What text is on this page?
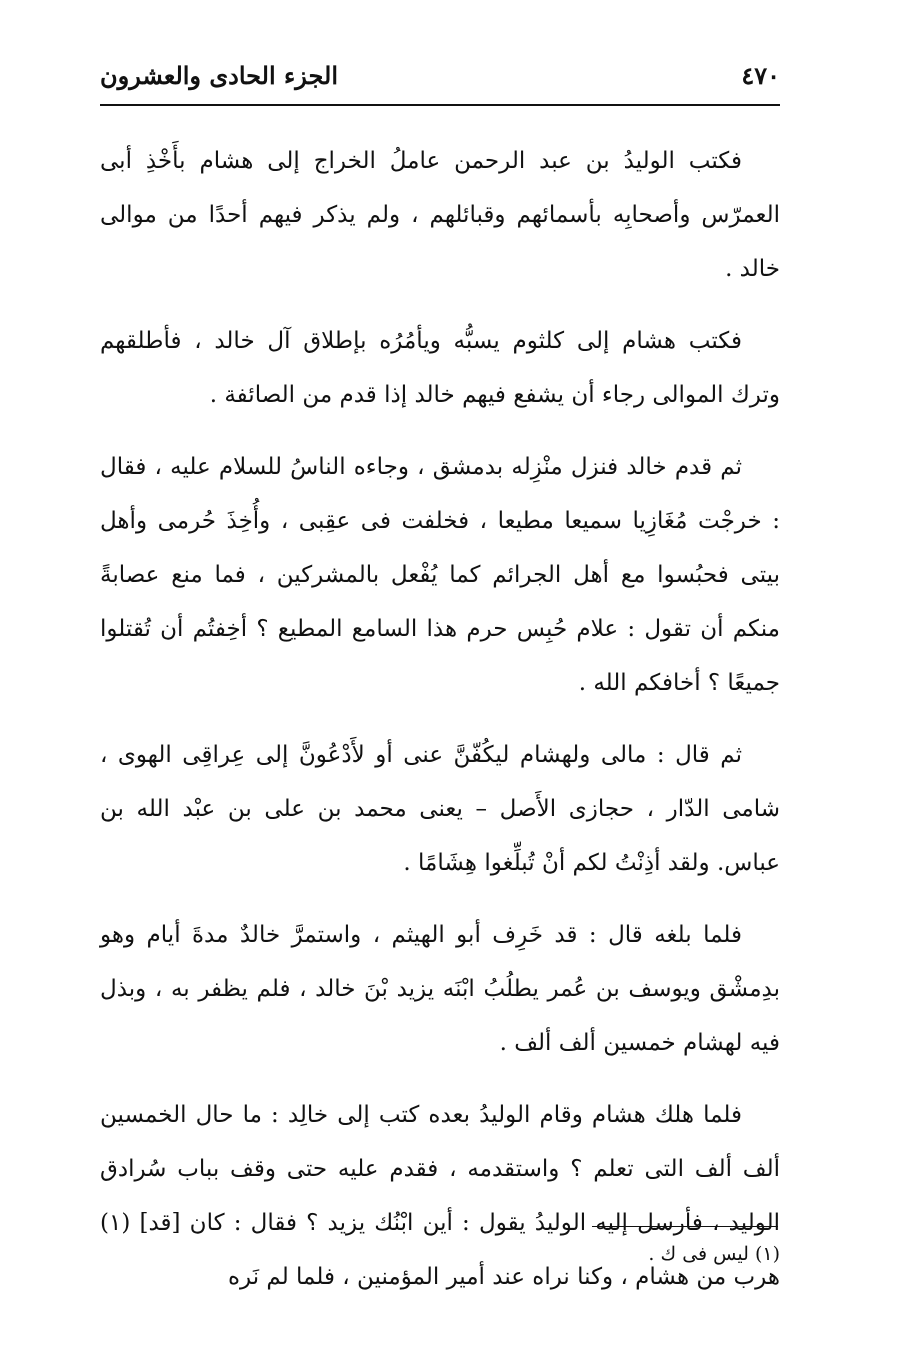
٤٧٠
الجزء الحادى والعشرون

فكتب الوليدُ بن عبد الرحمن عاملُ الخراج إلى هشام بأَخْذِ أبى العمرّس وأصحابِه بأسمائهم وقبائلهم ، ولم يذكر فيهم أحدًا من موالى خالد .

فكتب هشام إلى كلثوم يسبُّه ويأمُرُه بإطلاق آل خالد ، فأطلقهم وترك الموالى رجاء أن يشفع فيهم خالد إذا قدم من الصائفة .

ثم قدم خالد فنزل منْزِله بدمشق ، وجاءه الناسُ للسلام عليه ، فقال : خرجْت مُغَازِيا سميعا مطيعا ، فخلفت فى عقِبى ، وأُخِذَ حُرمى وأهل بيتى فحبُسوا مع أهل الجرائم كما يُفْعل بالمشركين ، فما منع عصابةً منكم أن تقول : علام حُبِس حرم هذا السامع المطيع ؟ أخِفتُم أن تُقتلوا جميعًا ؟ أخافكم الله .

ثم قال : مالى ولهشام ليكُفّنَّ عنى أو لأَدْعُونَّ إلى عِراقِى الهوى ، شامى الدّار ، حجازى الأَصل – يعنى محمد بن على بن عبْد الله بن عباس. ولقد أذِنْتُ لكم أنْ تُبلِّغوا هِشَامًا .

فلما بلغه قال : قد خَرِف أبو الهيثم ، واستمرَّ خالدٌ مدةَ أيام وهو بدِمشْق ويوسف بن عُمر يطلُبُ ابْنَه يزيد بْنَ خالد ، فلم يظفر به ، وبذل فيه لهشام خمسين ألف ألف .

فلما هلك هشام وقام الوليدُ بعده كتب إلى خالِد : ما حال الخمسين ألف ألف التى تعلم ؟ واستقدمه ، فقدم عليه حتى وقف بباب سُرادق الوليد ، فأرسل إليه الوليدُ يقول : أين ابْنُك يزيد ؟ فقال : كان [قد] (١) هرب من هشام ، وكنا نراه عند أمير المؤمنين ، فلما لم نَره

(١) ليس فى ك .
